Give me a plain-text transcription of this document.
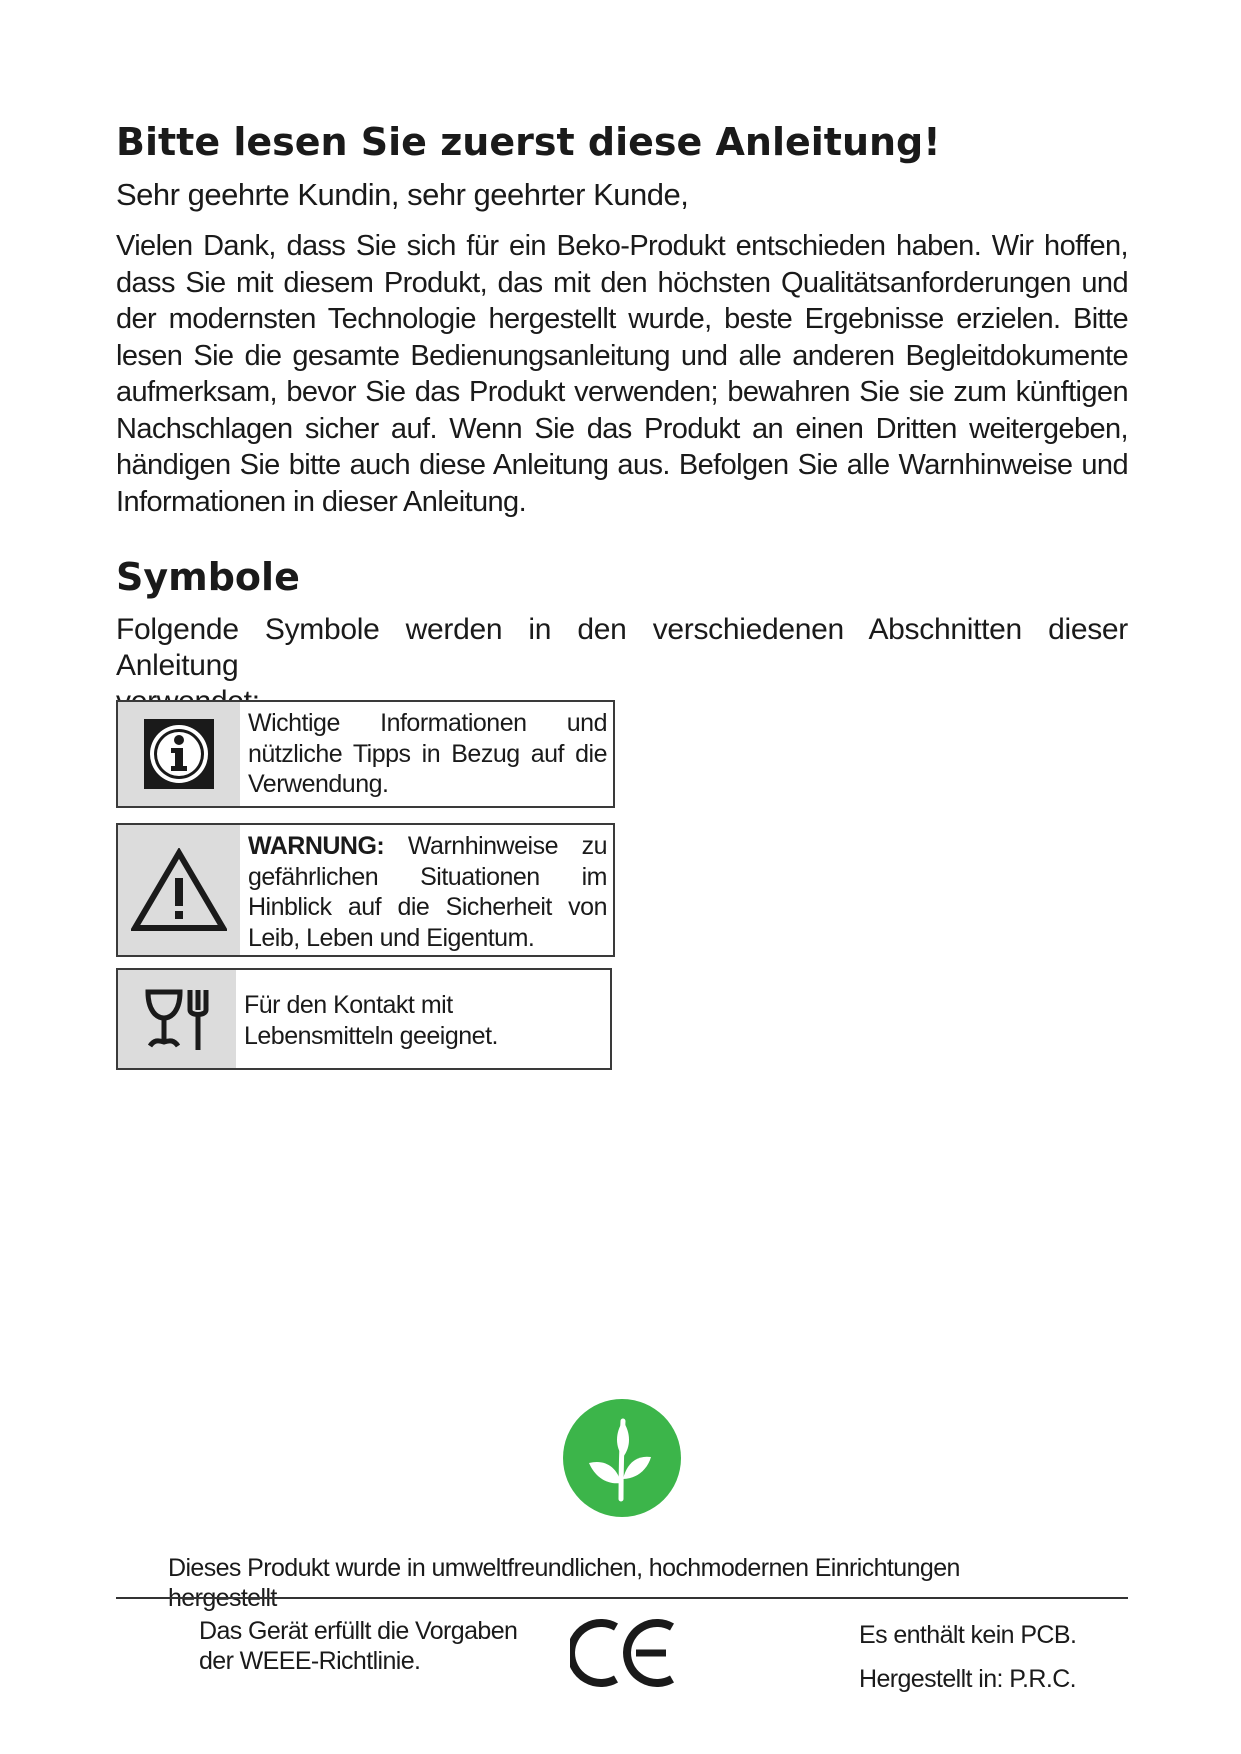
Bitte lesen Sie zuerst diese Anleitung!

Sehr geehrte Kundin, sehr geehrter Kunde,

Vielen Dank, dass Sie sich für ein Beko-Produkt entschieden haben. Wir hoffen, dass Sie mit diesem Produkt, das mit den höchsten Qualitätsanforderungen und der modernsten Technologie hergestellt wurde, beste Ergebnisse erzielen. Bitte lesen Sie die gesamte Bedienungsanleitung und alle anderen Begleitdokumente aufmerksam, bevor Sie das Produkt verwenden; bewahren Sie sie zum künftigen Nachschlagen sicher auf. Wenn Sie das Produkt an einen Dritten weitergeben, händigen Sie bitte auch diese Anleitung aus. Befolgen Sie alle Warnhinweise und Informationen in dieser Anleitung.

Symbole

Folgende Symbole werden in den verschiedenen Abschnitten dieser Anleitung

Wichtige Informationen und nützliche Tipps in Bezug auf die Verwendung.
WARNUNG: Warnhinweise zu gefährlichen Situationen im Hinblick auf die Sicherheit von Leib, Leben und Eigentum.
Für den Kontakt mit Lebensmitteln geeignet.

Dieses Produkt wurde in umweltfreundlichen, hochmodernen Einrichtungen hergestellt

Das Gerät erfüllt die Vorgaben
der WEEE-Richtlinie.

Es enthält kein PCB.
Hergestellt in: P.R.C.
